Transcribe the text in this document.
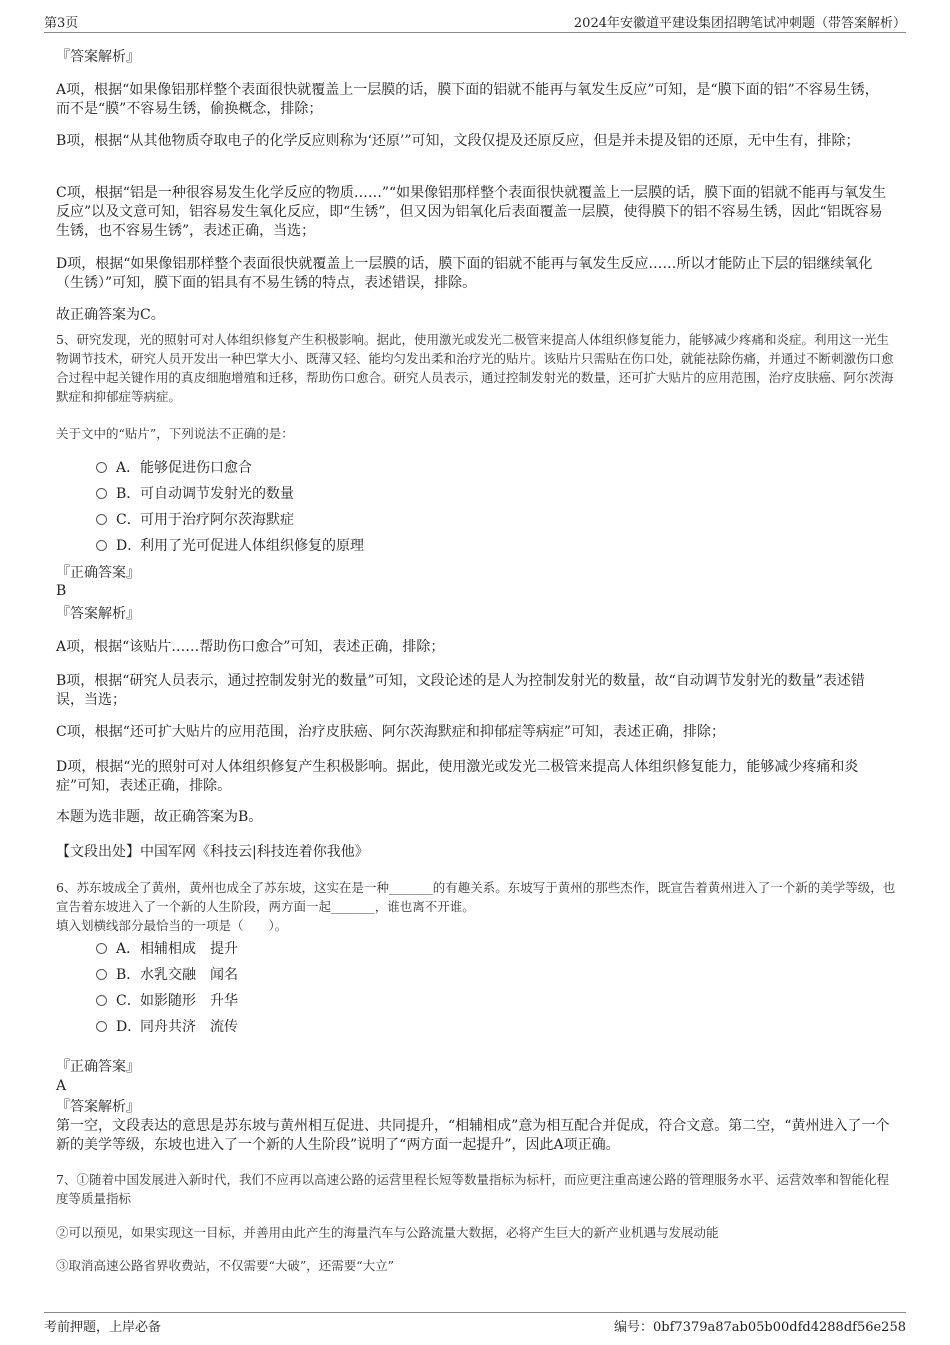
第3页	2024年安徽道平建设集团招聘笔试冲刺题（带答案解析）
『答案解析』
A项，根据“如果像铝那样整个表面很快就覆盖上一层膜的话，膜下面的铝就不能再与氧发生反应”可知，是“膜下面的铝”不容易生锈，而不是“膜”不容易生锈，偷换概念，排除；
B项，根据“从其他物质夺取电子的化学反应则称为‘还原’”可知，文段仅提及还原反应，但是并未提及铝的还原，无中生有，排除；
C项，根据“铝是一种很容易发生化学反应的物质……”“如果像铝那样整个表面很快就覆盖上一层膜的话，膜下面的铝就不能再与氧发生反应”以及文意可知，铝容易发生氧化反应，即“生锈”，但又因为铝氧化后表面覆盖一层膜，使得膜下的铝不容易生锈，因此“铝既容易生锈，也不容易生锈”，表述正确，当选；
D项，根据“如果像铝那样整个表面很快就覆盖上一层膜的话，膜下面的铝就不能再与氧发生反应……所以才能防止下层的铝继续氧化（生锈）”可知，膜下面的铝具有不易生锈的特点，表述错误，排除。
故正确答案为C。
5、研究发现，光的照射可对人体组织修复产生积极影响。据此，使用激光或发光二极管来提高人体组织修复能力，能够减少疼痛和炎症。利用这一光生物调节技术，研究人员开发出一种巴掌大小、既薄又轻、能均匀发出柔和治疗光的贴片。该贴片只需贴在伤口处，就能祛除伤痛，并通过不断刺激伤口愈合过程中起关键作用的真皮细胞增殖和迁移，帮助伤口愈合。研究人员表示，通过控制发射光的数量，还可扩大贴片的应用范围，治疗皮肤癌、阿尔茨海默症和抑郁症等病症。
关于文中的“贴片”，下列说法不正确的是：
A．能够促进伤口愈合
B．可自动调节发射光的数量
C．可用于治疗阿尔茨海默症
D．利用了光可促进人体组织修复的原理
『正确答案』
B
『答案解析』
A项，根据“该贴片……帮助伤口愈合”可知，表述正确，排除；
B项，根据“研究人员表示，通过控制发射光的数量”可知，文段论述的是人为控制发射光的数量，故“自动调节发射光的数量”表述错误，当选；
C项，根据“还可扩大贴片的应用范围，治疗皮肤癌、阿尔茨海默症和抑郁症等病症”可知，表述正确，排除；
D项，根据“光的照射可对人体组织修复产生积极影响。据此，使用激光或发光二极管来提高人体组织修复能力，能够减少疼痛和炎症”可知，表述正确，排除。
本题为选非题，故正确答案为B。
【文段出处】中国军网《科技云|科技连着你我他》
6、苏东坡成全了黄州，黄州也成全了苏东坡，这实在是一种_______的有趣关系。东坡写于黄州的那些杰作，既宣告着黄州进入了一个新的美学等级，也宣告着东坡进入了一个新的人生阶段，两方面一起_______，谁也离不开谁。
填入划横线部分最恰当的一项是（　　）。
A．相辅相成　提升
B．水乳交融　闻名
C．如影随形　升华
D．同舟共济　流传
『正确答案』
A
『答案解析』
第一空，文段表达的意思是苏东坡与黄州相互促进、共同提升，“相辅相成”意为相互配合并促成，符合文意。第二空，“黄州进入了一个新的美学等级，东坡也进入了一个新的人生阶段”说明了“两方面一起提升”，因此A项正确。
7、①随着中国发展进入新时代，我们不应再以高速公路的运营里程长短等数量指标为标杆，而应更注重高速公路的管理服务水平、运营效率和智能化程度等质量指标
②可以预见，如果实现这一目标，并善用由此产生的海量汽车与公路流量大数据，必将产生巨大的新产业机遇与发展动能
③取消高速公路省界收费站，不仅需要“大破”，还需要“大立”
考前押题，上岸必备	编号：0bf7379a87ab05b00dfd4288df56e258
